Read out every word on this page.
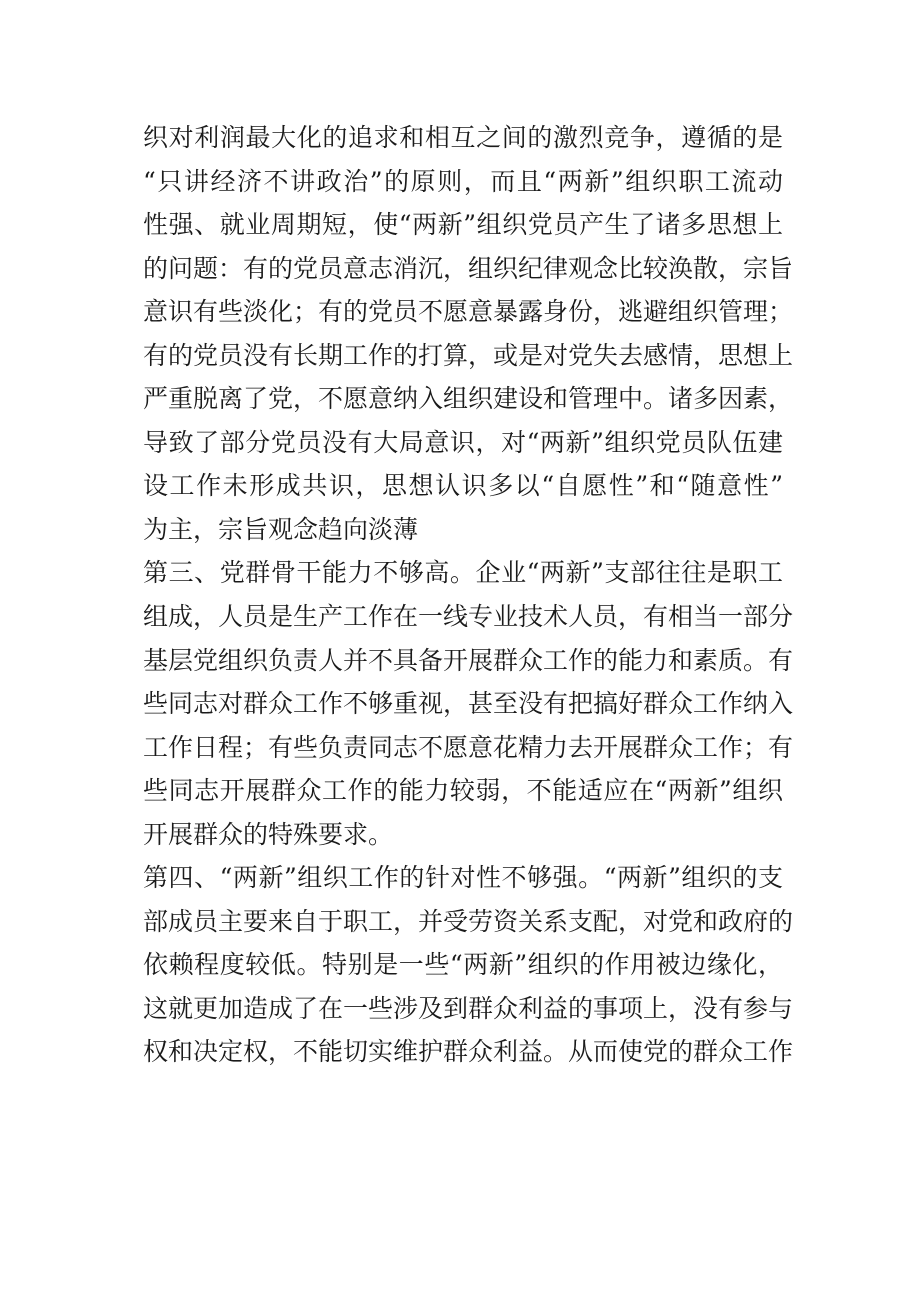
织对利润最大化的追求和相互之间的激烈竞争，遵循的是
“只讲经济不讲政治”的原则，而且“两新”组织职工流动
性强、就业周期短，使“两新”组织党员产生了诸多思想上
的问题：有的党员意志消沉，组织纪律观念比较涣散，宗旨
意识有些淡化；有的党员不愿意暴露身份，逃避组织管理；
有的党员没有长期工作的打算，或是对党失去感情，思想上
严重脱离了党，不愿意纳入组织建设和管理中。诸多因素，
导致了部分党员没有大局意识，对“两新”组织党员队伍建
设工作未形成共识，思想认识多以“自愿性”和“随意性”
为主，宗旨观念趋向淡薄
第三、党群骨干能力不够高。企业“两新”支部往往是职工
组成，人员是生产工作在一线专业技术人员，有相当一部分
基层党组织负责人并不具备开展群众工作的能力和素质。有
些同志对群众工作不够重视，甚至没有把搞好群众工作纳入
工作日程；有些负责同志不愿意花精力去开展群众工作；有
些同志开展群众工作的能力较弱，不能适应在“两新”组织
开展群众的特殊要求。
第四、“两新”组织工作的针对性不够强。“两新”组织的支
部成员主要来自于职工，并受劳资关系支配，对党和政府的
依赖程度较低。特别是一些“两新”组织的作用被边缘化，
这就更加造成了在一些涉及到群众利益的事项上，没有参与
权和决定权，不能切实维护群众利益。从而使党的群众工作
